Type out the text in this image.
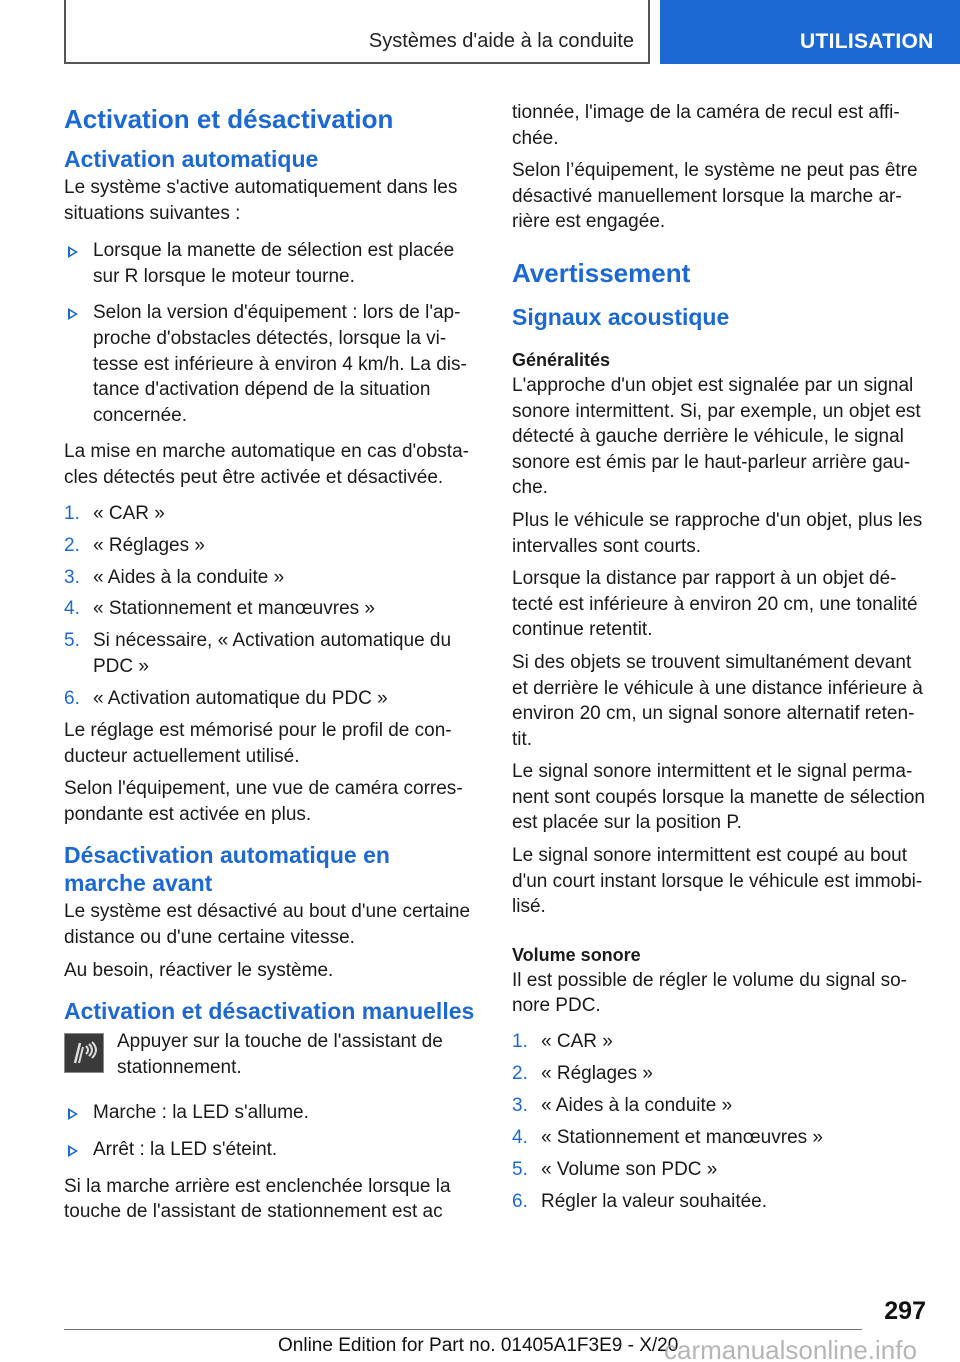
Systèmes d'aide à la conduite	UTILISATION
Activation et désactivation
Activation automatique

Le système s'active automatiquement dans les situations suivantes :

Lorsque la manette de sélection est placée sur R lorsque le moteur tourne.
Selon la version d'équipement : lors de l'approche d'obstacles détectés, lorsque la vitesse est inférieure à environ 4 km/h. La distance d'activation dépend de la situation concernée.

La mise en marche automatique en cas d'obstacles détectés peut être activée et désactivée.

1. « CAR »
2. « Réglages »
3. « Aides à la conduite »
4. « Stationnement et manœuvres »
5. Si nécessaire, « Activation automatique du PDC »
6. « Activation automatique du PDC »

Le réglage est mémorisé pour le profil de conducteur actuellement utilisé.

Selon l'équipement, une vue de caméra correspondante est activée en plus.

Désactivation automatique en marche avant

Le système est désactivé au bout d'une certaine distance ou d'une certaine vitesse.

Au besoin, réactiver le système.

Activation et désactivation manuelles

Appuyer sur la touche de l'assistant de stationnement.

Marche : la LED s'allume.
Arrêt : la LED s'éteint.

Si la marche arrière est enclenchée lorsque la touche de l'assistant de stationnement est ac

tionnée, l'image de la caméra de recul est affichée.

Selon l’équipement, le système ne peut pas être désactivé manuellement lorsque la marche arrière est engagée.

Avertissement
Signaux acoustique
Généralités

L'approche d'un objet est signalée par un signal sonore intermittent. Si, par exemple, un objet est détecté à gauche derrière le véhicule, le signal sonore est émis par le haut-parleur arrière gauche.

Plus le véhicule se rapproche d'un objet, plus les intervalles sont courts.

Lorsque la distance par rapport à un objet détecté est inférieure à environ 20 cm, une tonalité continue retentit.

Si des objets se trouvent simultanément devant et derrière le véhicule à une distance inférieure à environ 20 cm, un signal sonore alternatif retentit.

Le signal sonore intermittent et le signal permanent sont coupés lorsque la manette de sélection est placée sur la position P.

Le signal sonore intermittent est coupé au bout d'un court instant lorsque le véhicule est immobilisé.

Volume sonore

Il est possible de régler le volume du signal sonore PDC.

1. « CAR »
2. « Réglages »
3. « Aides à la conduite »
4. « Stationnement et manœuvres »
5. « Volume son PDC »
6. Régler la valeur souhaitée.
297
Online Edition for Part no. 01405A1F3E9 - X/20
carmanualsonline.info
